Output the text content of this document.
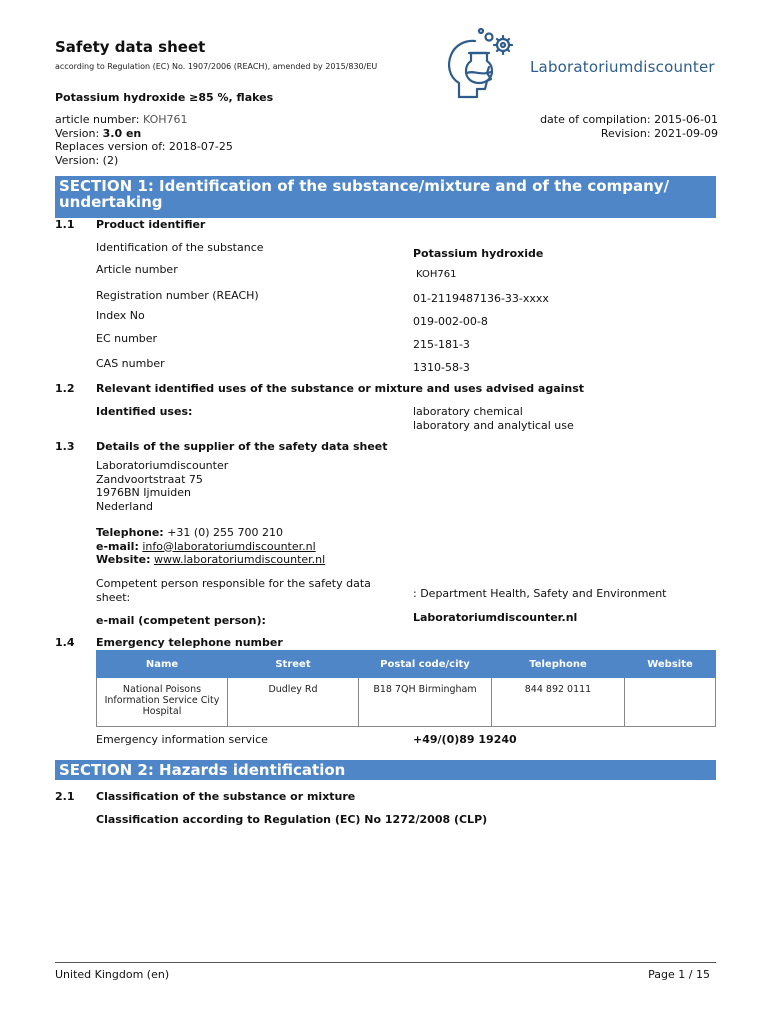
Safety data sheet
according to Regulation (EC) No. 1907/2006 (REACH), amended by 2015/830/EU	Laboratoriumdiscounter
Potassium hydroxide ≥85 %, flakes
article number: KOH761
Version: 3.0 en
Replaces version of: 2018-07-25
Version: (2)
date of compilation: 2015-06-01
Revision: 2021-09-09
SECTION 1: Identification of the substance/mixture and of the company/ undertaking
1.1 Product identifier
Identification of the substance	Potassium hydroxide
Article number	KOH761
Registration number (REACH)	01-2119487136-33-xxxx
Index No	019-002-00-8
EC number	215-181-3
CAS number	1310-58-3
1.2 Relevant identified uses of the substance or mixture and uses advised against
Identified uses:	laboratory chemical
laboratory and analytical use
1.3 Details of the supplier of the safety data sheet
Laboratoriumdiscounter
Zandvoortstraat 75
1976BN Ijmuiden
Nederland
Telephone: +31 (0) 255 700 210
e-mail: info@laboratoriumdiscounter.nl
Website: www.laboratoriumdiscounter.nl
Competent person responsible for the safety data sheet:	: Department Health, Safety and Environment
e-mail (competent person):	Laboratoriumdiscounter.nl
1.4 Emergency telephone number
Name	Street	Postal code/city	Telephone	Website
National Poisons Information Service City Hospital	Dudley Rd	B18 7QH Birmingham	844 892 0111	
Emergency information service	+49/(0)89 19240
SECTION 2: Hazards identification
2.1 Classification of the substance or mixture
Classification according to Regulation (EC) No 1272/2008 (CLP)
United Kingdom (en)	Page 1 / 15
